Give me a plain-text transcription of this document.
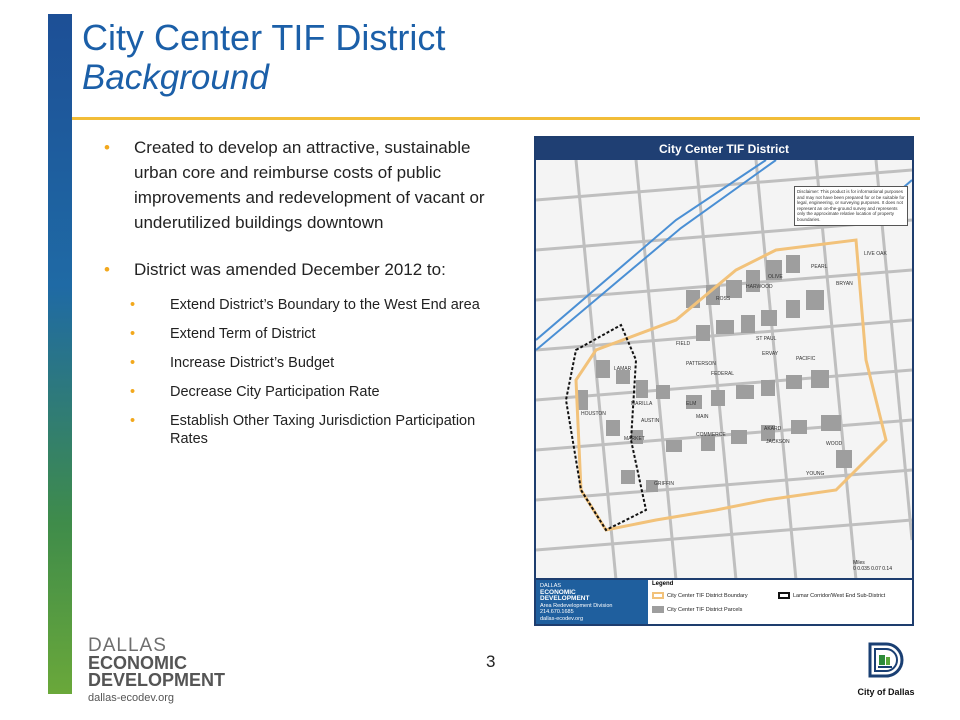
City Center TIF District
Background
• Created to develop an attractive, sustainable urban core and reimburse costs of public improvements and redevelopment of vacant or underutilized buildings downtown
• District was amended December 2012 to:
• Extend District’s Boundary to the West End area
• Extend Term of District
• Increase District’s Budget
• Decrease City Participation Rate
• Establish Other Taxing Jurisdiction Participation Rates
City Center TIF District
ROSS
HARWOOD
OLIVE
PEARL
BRYAN
LIVE OAK
FIELD
ST PAUL
ERVAY
AKARD
PACIFIC
PATTERSON
FEDERAL
ELM
MAIN
COMMERCE
JACKSON	WOOD
YOUNG
MARILLA
LAMAR
AUSTIN
MARKET
GRIFFIN
HOUSTON
Disclaimer: This product is for informational purposes and may not have been prepared for or be suitable for legal, engineering, or surveying purposes. It does not represent an on-the-ground survey and represents only the approximate relative location of property boundaries.
Miles
0 0.035 0.07 0.14
DALLAS
ECONOMIC
DEVELOPMENT
Area Redevelopment Division
214.670.1685
dallas-ecodev.org
Legend
City Center TIF District Boundary
City Center TIF District Parcels
Lamar Corridor/West End Sub-District
DALLAS
ECONOMIC
DEVELOPMENT
dallas-ecodev.org
3
City of Dallas
